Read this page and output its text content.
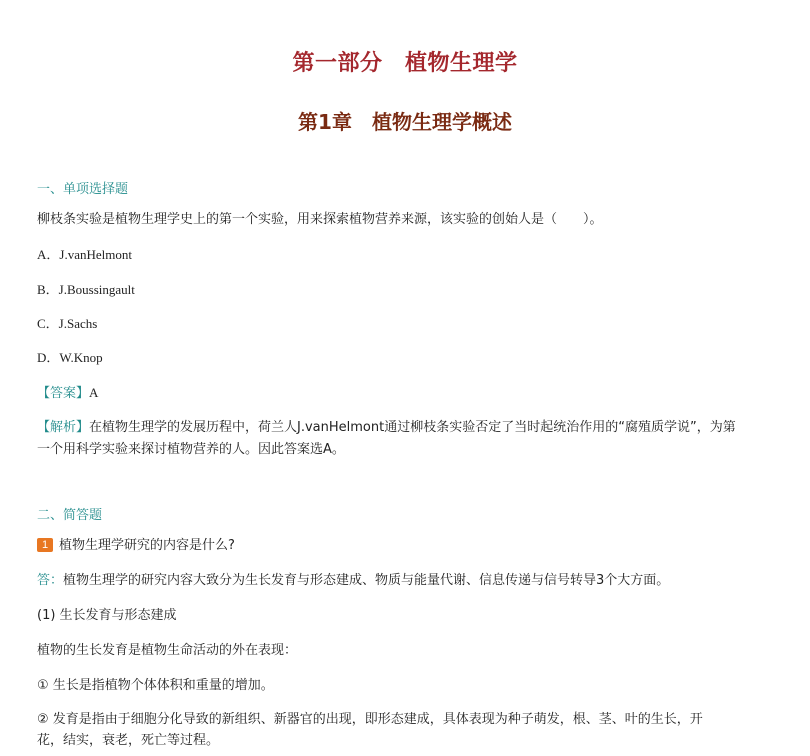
第一部分　植物生理学
第1章　植物生理学概述
一、单项选择题
柳枝条实验是植物生理学史上的第一个实验，用来探索植物营养来源，该实验的创始人是（　　）。
A．J.vanHelmont
B．J.Boussingault
C．J.Sachs
D．W.Knop
【答案】A
【解析】在植物生理学的发展历程中，荷兰人J.vanHelmont通过柳枝条实验否定了当时起统治作用的“腐殖质学说”，为第
一个用科学实验来探讨植物营养的人。因此答案选A。
二、简答题
1 植物生理学研究的内容是什么?
答：植物生理学的研究内容大致分为生长发育与形态建成、物质与能量代谢、信息传递与信号转导3个大方面。
(1) 生长发育与形态建成
植物的生长发育是植物生命活动的外在表现：
① 生长是指植物个体体积和重量的增加。
② 发育是指由于细胞分化导致的新组织、新器官的出现，即形态建成，具体表现为种子萌发，根、茎、叶的生长，开
花，结实，衰老，死亡等过程。
